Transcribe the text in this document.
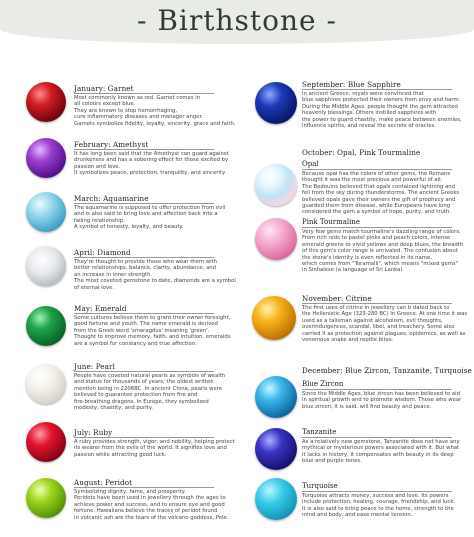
- Birthstone -
January: Garnet

Most commonly known as red. Garnet comes in

all colours except blue.

They are known to stop hemorrhaging,

cure inflammatory diseases and manager anger.

Garnets symbolize fidelity, loyalty, sincerity, grace and faith.

February: Amethyst

It has long been said that the Amethyst can guard against

drunkeness and has a sobering effect for those excited by

passion and love.

It symbolizes peace, protection, tranquility, and sincerity.

March: Aquamarine

The aquamarine is supposed to offer protection from evil

and is also said to bring love and affection back into a

failing relationship.

A symbol of honesty, loyalty, and beauty.

April: Diamond

They're thought to provide those who wear them with

better relationships, balance, clarity, abundance, and

an increase in inner strength.

The most coveted gemstone to date, diamonds are a symbol

of eternal love.

May: Emerald

Some cultures believe them to grant their owner foresight,

good fortune and youth. The name emerald is derived

from the Greek word 'smaragdus' meaning 'green'.

Thought to improve memory, faith, and intuition, emeralds

are a symbol for constancy and true affection.

June: Pearl

People have coveted natural pearls as symbols of wealth

and status for thousands of years; the oldest written

mention being in 2206BC. In ancient China, pearls were

believed to guarantee protection from fire and

fire-breathing dragons. In Europe, they symbolized

modesty, chastity, and purity.

July: Ruby

A ruby provides strength, vigor, and nobility, helping protect

its wearer from the evils of the world. It signifies love and

passion while attracting good luck.

August: Peridot

Symbolizing dignity, fame, and prosperity.

Peridots have been used in jewellery through the ages to

achieve power and success, and to ensure eye and good

fortune. Hawaiians believe the traces of peridot found

in volcanic ash are the tears of the volcano goddess, Pele.

September: Blue Sapphire

In ancient Greece, royals were convinced that

blue sapphires protected their owners from envy and harm.

During the Middle Ages, people thought the gem attracted

heavenly blessings. Others instilled sapphires with

the power to guard chastity, make peace between enemies,

influence spirits, and reveal the secrets of oracles.

October: Opal, Pink Tourmaline
Opal

Because opal has the colors of other gems, the Romans

thought it was the most precious and powerful of all.

The Bedouins believed that opals contained lightning and

fell from the sky during thunderstorms. The ancient Greeks

believed opals gave their owners the gift of prophecy and

guarded them from disease, while Europeans have long

considered the gem a symbol of hope, purity, and truth.

Pink Tourmaline

Very few gems match tourmaline's dazzling range of colors.

From rich reds to pastel pinks and peach colors, intense

emerald greens to vivid yellows and deep blues, the breadth

of this gem's color range is unrivaled. The confusion about

the stone's identity is even reflected in its name,

which comes from "Toramalli", which means "mixed gems"

in Sinhalese (a language of Sri Lanka).

November: Citrine

The first uses of citrine in jewellery can b dated back to

the Hellenistic Age (323-280 BC) in Greece. At one time it was

used as a talisman against alcoholism, evil thoughts,

overindulgences, scandal, libel, and treachery. Some also

carried it as protection against plagues, epidemics, as well as

venomous snake and reptile bites.

December: Blue Zircon, Tanzanite, Turquoise
Blue Zircon

Since the Middle Ages, blue zircon has been believed to aid

in spiritual growth and to promote wisdom. Those who wear

blue zircon, it is said, will find beauty and peace.

Tanzanite

As a relatively new gemstone, Tanzanite dose not have any

mythical or mysterious powers associated with it. But what

it lacks in history, it compensates with beauty in its deep

blue and purple tones.

Turquoise

Turquoise attracts money, success and love. Its powers

include protection, healing, courage, friendship, and luck.

It is also said to bring peace to the home, strength to the

mind and body, and ease mental tension.
